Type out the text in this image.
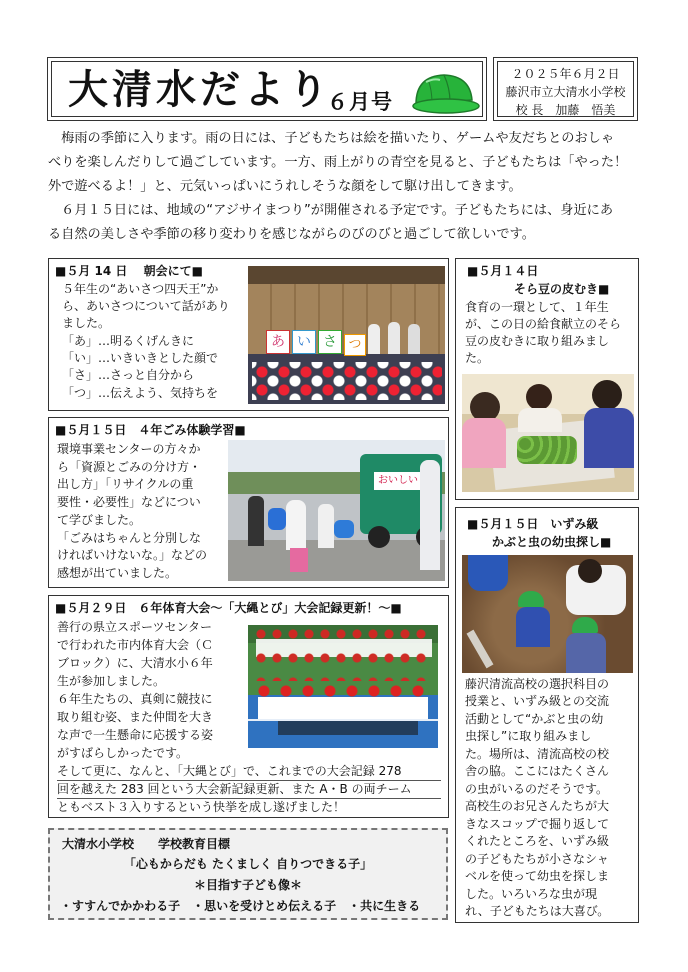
大清水だより
６月号
２０２５年６月２日
藤沢市立大清水小学校
校 長　加藤　悟美
　梅雨の季節に入ります。雨の日には、子どもたちは絵を描いたり、ゲームや友だちとのおしゃ
べりを楽しんだりして過ごしています。一方、雨上がりの青空を見ると、子どもたちは「やった！
外で遊べるよ！」と、元気いっぱいにうれしそうな顔をして駆け出してきます。
　６月１５日には、地域の“アジサイまつり”が開催される予定です。子どもたちには、身近にあ
る自然の美しさや季節の移り変わりを感じながらのびのびと過ごして欲しいです。
■５月 14 日　 朝会にて■
５年生の“あいさつ四天王”か
ら、あいさつについて話があり
ました。
「あ」…明るくげんきに
「い」…いきいきとした顔で
「さ」…さっと自分から
「つ」…伝えよう、気持ちを
あ い さ つ
■５月１４日
そら豆の皮むき■
食育の一環として、１年生
が、この日の給食献立のそら
豆の皮むきに取り組みまし
た。
■５月１５日　４年ごみ体験学習■
環境事業センターの方々か
ら「資源とごみの分け方・
出し方」「リサイクルの重
要性・必要性」などについ
て学びました。
「ごみはちゃんと分別しな
ければいけないな。」などの
感想が出ていました。
おいしい
■５月１５日　いずみ級
かぶと虫の幼虫探し■
藤沢清流高校の選択科目の
授業と、いずみ級との交流
活動として“かぶと虫の幼
虫探し”に取り組みまし
た。場所は、清流高校の校
舎の脇。ここにはたくさん
の虫がいるのだそうです。
高校生のお兄さんたちが大
きなスコップで掘り返して
くれたところを、いずみ級
の子どもたちが小さなシャ
ベルを使って幼虫を探しま
した。いろいろな虫が現
れ、子どもたちは大喜び。
■５月２９日　６年体育大会〜「大縄とび」大会記録更新！〜■
善行の県立スポーツセンター
で行われた市内体育大会（Ｃ
ブロック）に、大清水小６年
生が参加しました。
６年生たちの、真剣に競技に
取り組む姿、また仲間を大き
な声で一生懸命に応援する姿
がすばらしかったです。
そして更に、なんと、「大縄とび」で、これまでの大会記録 278
回を越えた 283 回という大会新記録更新、また A・B の両チーム
ともベスト３入りするという快挙を成し遂げました！
大清水小学校　　学校教育目標
「心もからだも たくましく 自りつできる子」
＊目指す子ども像＊
・すすんでかかわる子　・思いを受けとめ伝える子　・共に生きる
